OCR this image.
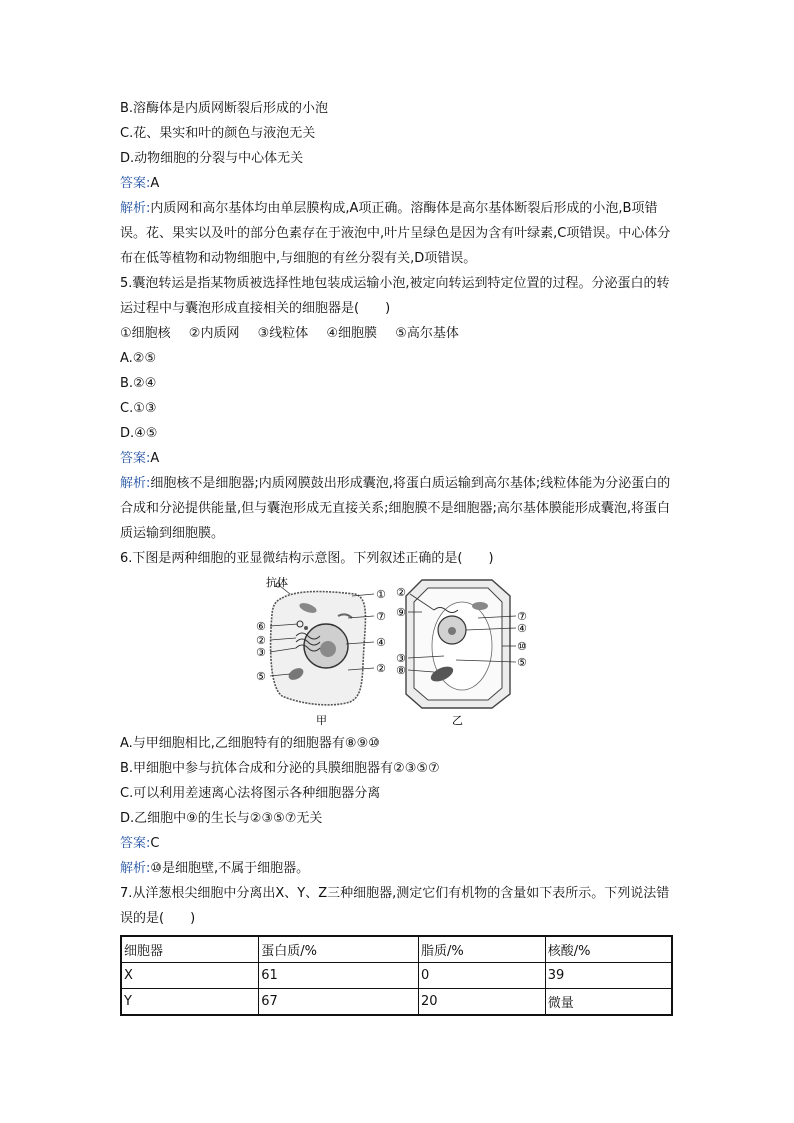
B.溶酶体是内质网断裂后形成的小泡
C.花、果实和叶的颜色与液泡无关
D.动物细胞的分裂与中心体无关
答案:A
解析:内质网和高尔基体均由单层膜构成,A项正确。溶酶体是高尔基体断裂后形成的小泡,B项错误。花、果实以及叶的部分色素存在于液泡中,叶片呈绿色是因为含有叶绿素,C项错误。中心体分布在低等植物和动物细胞中,与细胞的有丝分裂有关,D项错误。
5.囊泡转运是指某物质被选择性地包装成运输小泡,被定向转运到特定位置的过程。分泌蛋白的转运过程中与囊泡形成直接相关的细胞器是(　　)
①细胞核 ②内质网 ③线粒体 ④细胞膜 ⑤高尔基体
A.②⑤
B.②④
C.①③
D.④⑤
答案:A
解析:细胞核不是细胞器;内质网膜鼓出形成囊泡,将蛋白质运输到高尔基体;线粒体能为分泌蛋白的合成和分泌提供能量,但与囊泡形成无直接关系;细胞膜不是细胞器;高尔基体膜能形成囊泡,将蛋白质运输到细胞膜。
6.下图是两种细胞的亚显微结构示意图。下列叙述正确的是(　　)
抗体
①
⑦
④
②
⑥
②
③
⑤
甲
②
⑨	⑦
④
⑩
③
⑧
⑤
乙
A.与甲细胞相比,乙细胞特有的细胞器有⑧⑨⑩
B.甲细胞中参与抗体合成和分泌的具膜细胞器有②③⑤⑦
C.可以利用差速离心法将图示各种细胞器分离
D.乙细胞中⑨的生长与②③⑤⑦无关
答案:C
解析:⑩是细胞壁,不属于细胞器。
7.从洋葱根尖细胞中分离出X、Y、Z三种细胞器,测定它们有机物的含量如下表所示。下列说法错误的是(　　)
细胞器	蛋白质/%	脂质/%	核酸/%
X	61	0	39
Y	67	20	微量
